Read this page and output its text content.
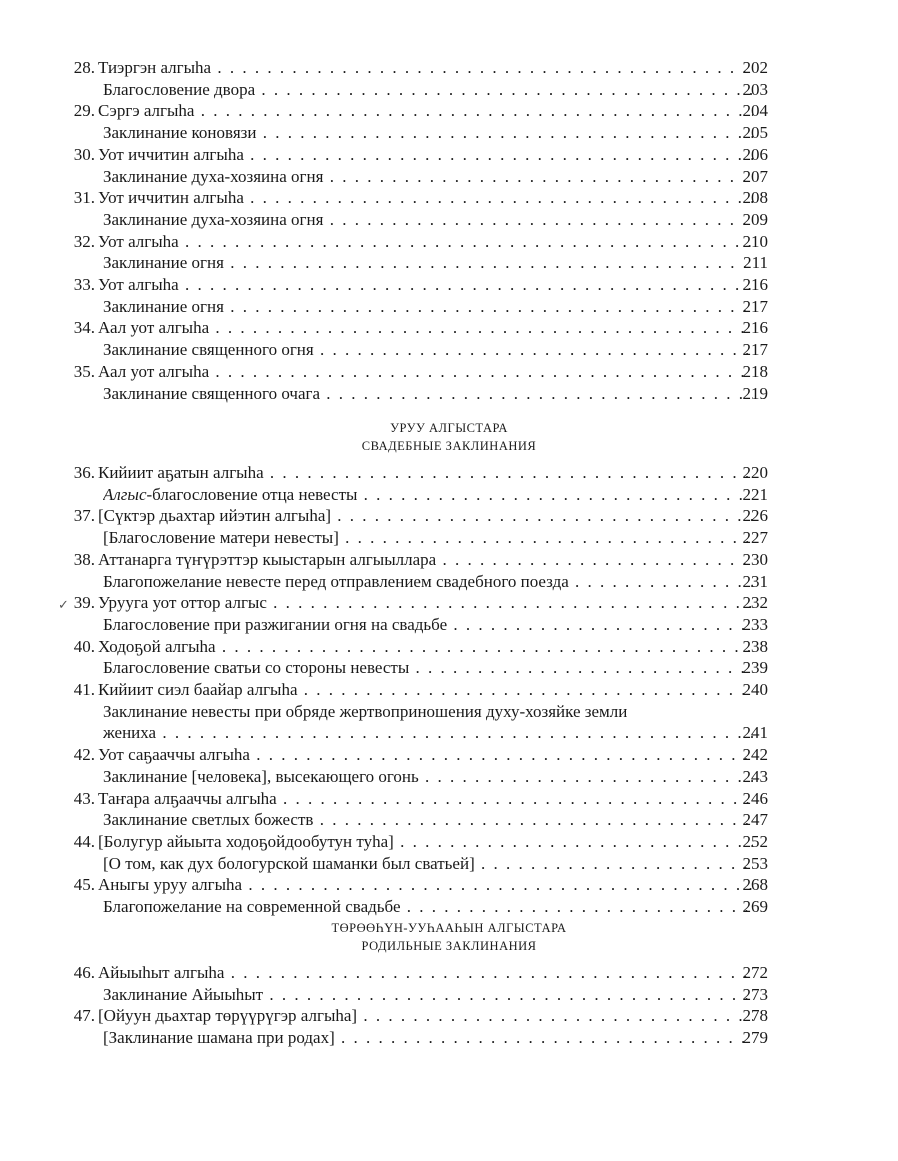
28. Тиэргэн алгыһа . .	202
Благословение двора . .	203
29. Сэргэ алгыһа . .	204
Заклинание коновязи . .	205
30. Уот иччитин алгыһа . .	206
Заклинание духа-хозяина огня . .	207
31. Уот иччитин алгыһа . .	208
Заклинание духа-хозяина огня . .	209
32. Уот алгыһа . .	210
Заклинание огня . .	211
33. Уот алгыһа . .	216
Заклинание огня . .	217
34. Аал уот алгыһа . .	216
Заклинание священного огня . .	217
35. Аал уот алгыһа . .	218
Заклинание священного очага . .	219
УРУУ АЛГЫСТАРА
СВАДЕБНЫЕ ЗАКЛИНАНИЯ
36. Кийиит аҕатын алгыһа . .	220
Алгыс-благословение отца невесты . .	221
37. [Сүктэр дьахтар ийэтин алгыһа] . .	226
[Благословение матери невесты] . .	227
38. Аттанарга түҥүрэттэр кыыстарын алгыыллара . .	230
Благопожелание невесте перед отправлением свадебного поезда . .	231
39.
✓ Уруугa уот оттор алгыс . .	232
Благословение при разжигании огня на свадьбе . .	233
40. Ходоҕой алгыһа . .	238
Благословение сватьи со стороны невесты . .	239
41. Кийиит сиэл баайар алгыһа . .	240
Заклинание невесты при обряде жертвоприношения духу-хозяйке земли
жениха . .	241
42. Уот саҕааччы алгыһа . .	242
Заклинание [человека], высекающего огонь . .	243
43. Таҥара алҕааччы алгыһа . .	246
Заклинание светлых божеств . .	247
44. [Болугур айыыта ходоҕойдообутун туһа] . .	252
[О том, как дух бологурской шаманки был сватьей] . .	253
45. Аныгы уруу алгыһа . .	268
Благопожелание на современной свадьбе . .	269
ТӨРӨӨҺҮН-УУҺААҺЫН АЛГЫСТАРА
РОДИЛЬНЫЕ ЗАКЛИНАНИЯ
46. Айыыһыт алгыһа . .	272
Заклинание Айыыһыт . .	273
47. [Ойуун дьахтар төрүүрүгэр алгыһа] . .	278
[Заклинание шамана при родах] . .	279
